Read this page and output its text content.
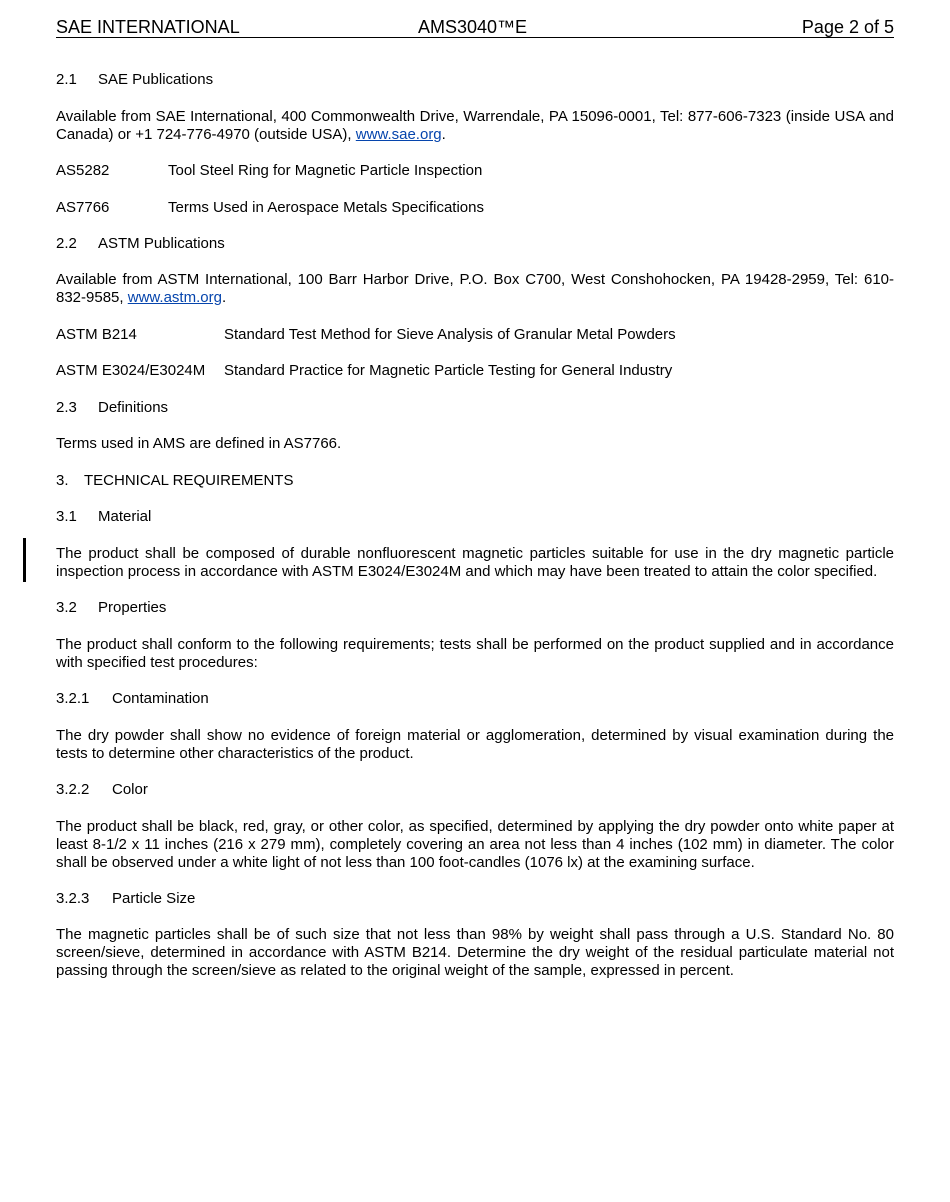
SAE INTERNATIONAL	AMS3040™E	Page 2 of 5
2.1 SAE Publications
Available from SAE International, 400 Commonwealth Drive, Warrendale, PA 15096-0001, Tel: 877-606-7323 (inside USA and Canada) or +1 724-776-4970 (outside USA), www.sae.org.
AS5282	Tool Steel Ring for Magnetic Particle Inspection
AS7766	Terms Used in Aerospace Metals Specifications
2.2 ASTM Publications
Available from ASTM International, 100 Barr Harbor Drive, P.O. Box C700, West Conshohocken, PA 19428-2959, Tel: 610-832-9585, www.astm.org.
ASTM B214	Standard Test Method for Sieve Analysis of Granular Metal Powders
ASTM E3024/E3024M Standard Practice for Magnetic Particle Testing for General Industry
2.3 Definitions
Terms used in AMS are defined in AS7766.
3. TECHNICAL REQUIREMENTS
3.1 Material
The product shall be composed of durable nonfluorescent magnetic particles suitable for use in the dry magnetic particle inspection process in accordance with ASTM E3024/E3024M and which may have been treated to attain the color specified.
3.2 Properties
The product shall conform to the following requirements; tests shall be performed on the product supplied and in accordance with specified test procedures:
3.2.1 Contamination
The dry powder shall show no evidence of foreign material or agglomeration, determined by visual examination during the tests to determine other characteristics of the product.
3.2.2 Color
The product shall be black, red, gray, or other color, as specified, determined by applying the dry powder onto white paper at least 8-1/2 x 11 inches (216 x 279 mm), completely covering an area not less than 4 inches (102 mm) in diameter. The color shall be observed under a white light of not less than 100 foot-candles (1076 lx) at the examining surface.
3.2.3 Particle Size
The magnetic particles shall be of such size that not less than 98% by weight shall pass through a U.S. Standard No. 80 screen/sieve, determined in accordance with ASTM B214. Determine the dry weight of the residual particulate material not passing through the screen/sieve as related to the original weight of the sample, expressed in percent.
